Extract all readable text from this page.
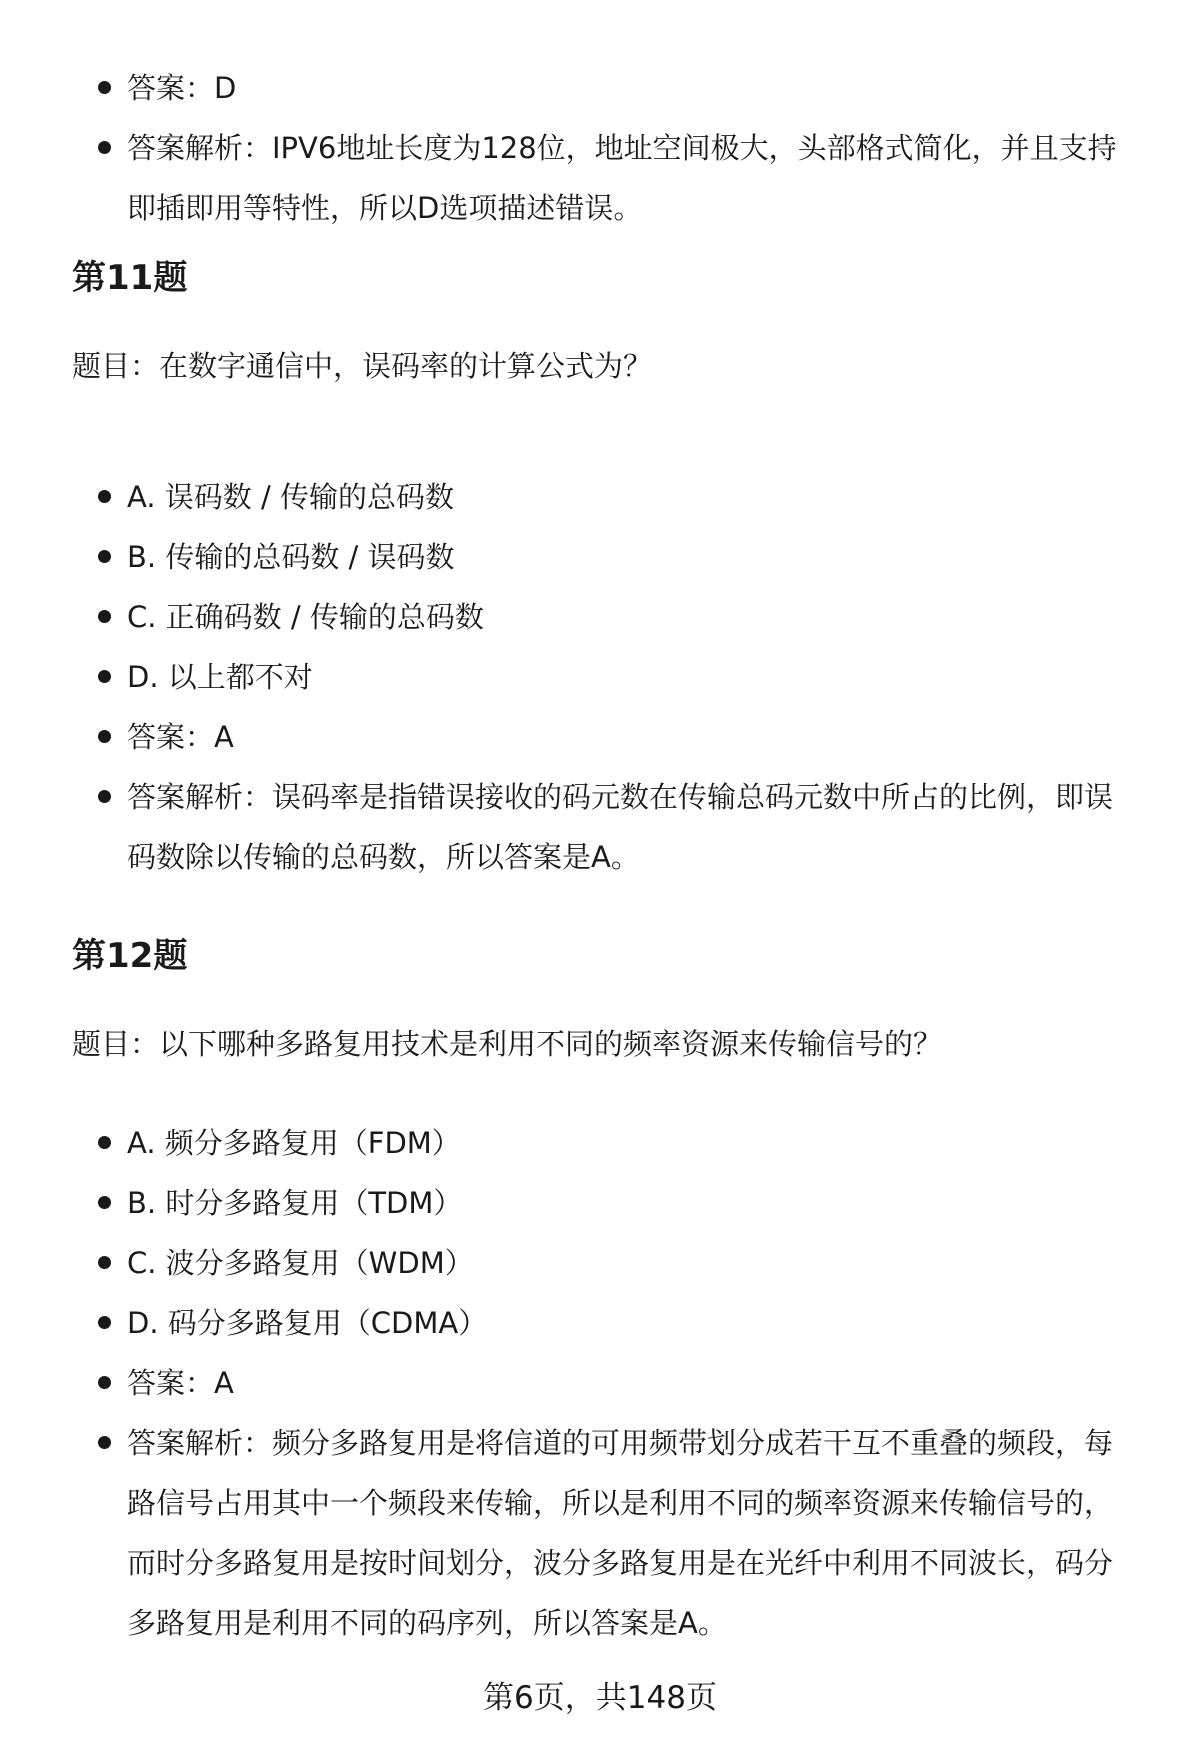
答案：D
答案解析：IPV6地址长度为128位，地址空间极大，头部格式简化，并且支持即插即用等特性，所以D选项描述错误。
第11题

题目：在数字通信中，误码率的计算公式为？

A. 误码数 / 传输的总码数
B. 传输的总码数 / 误码数
C. 正确码数 / 传输的总码数
D. 以上都不对
答案：A
答案解析：误码率是指错误接收的码元数在传输总码元数中所占的比例，即误码数除以传输的总码数，所以答案是A。
第12题

题目：以下哪种多路复用技术是利用不同的频率资源来传输信号的？

A. 频分多路复用（FDM）
B. 时分多路复用（TDM）
C. 波分多路复用（WDM）
D. 码分多路复用（CDMA）
答案：A
答案解析：频分多路复用是将信道的可用频带划分成若干互不重叠的频段，每路信号占用其中一个频段来传输，所以是利用不同的频率资源来传输信号的，而时分多路复用是按时间划分，波分多路复用是在光纤中利用不同波长，码分多路复用是利用不同的码序列，所以答案是A。
第6页，共148页
